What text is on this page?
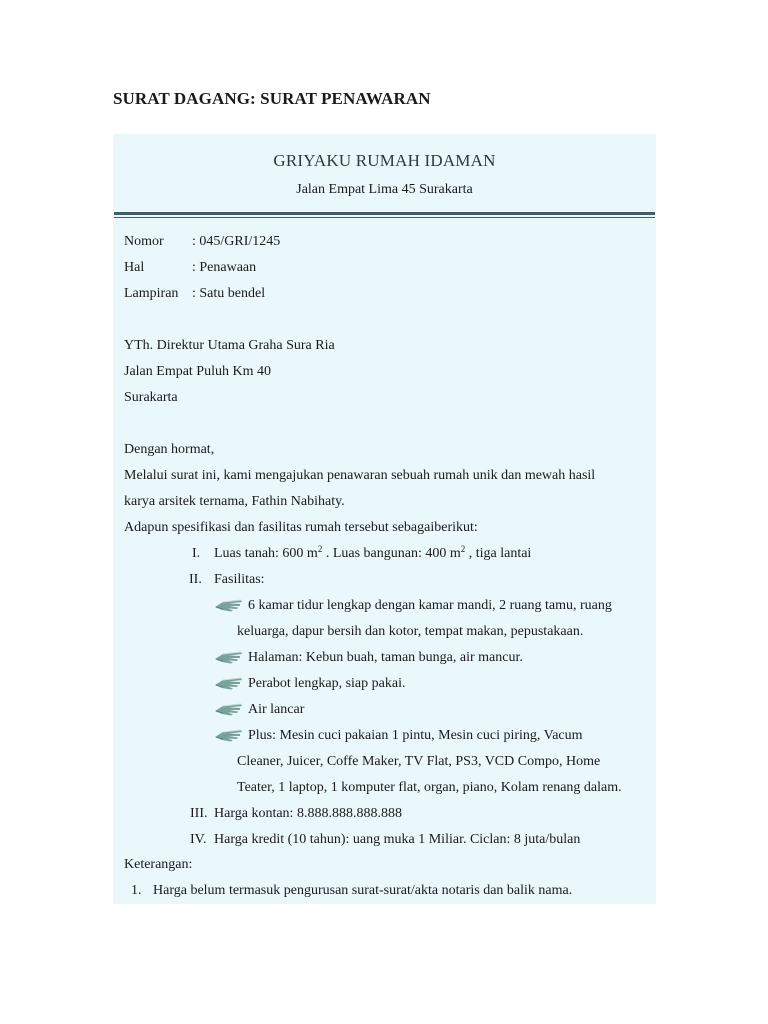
SURAT DAGANG: SURAT PENAWARAN
GRIYAKU RUMAH IDAMAN
Jalan Empat Lima 45 Surakarta
Nomor : 045/GRI/1245
Hal	: Penawaan
Lampiran : Satu bendel
YTh. Direktur Utama Graha Sura Ria
Jalan Empat Puluh Km 40
Surakarta
Dengan hormat,
Melalui surat ini, kami mengajukan penawaran sebuah rumah unik dan mewah hasil
karya arsitek ternama, Fathin Nabihaty.
Adapun spesifikasi dan fasilitas rumah tersebut sebagaiberikut:
I. Luas tanah: 600 $m^2$ . Luas bangunan: 400 $m^2$ , tiga lantai
II. Fasilitas:
6 kamar tidur lengkap dengan kamar mandi, 2 ruang tamu, ruang
keluarga, dapur bersih dan kotor, tempat makan, pepustakaan.
Halaman: Kebun buah, taman bunga, air mancur.
Perabot lengkap, siap pakai.
Air lancar
Plus: Mesin cuci pakaian 1 pintu, Mesin cuci piring, Vacum
Cleaner, Juicer, Coffe Maker, TV Flat, PS3, VCD Compo, Home
Teater, 1 laptop, 1 komputer flat, organ, piano, Kolam renang dalam.
III. Harga kontan: 8.888.888.888.888
IV. Harga kredit (10 tahun): uang muka 1 Miliar. Ciclan: 8 juta/bulan
Keterangan:
1. Harga belum termasuk pengurusan surat-surat/akta notaris dan balik nama.
